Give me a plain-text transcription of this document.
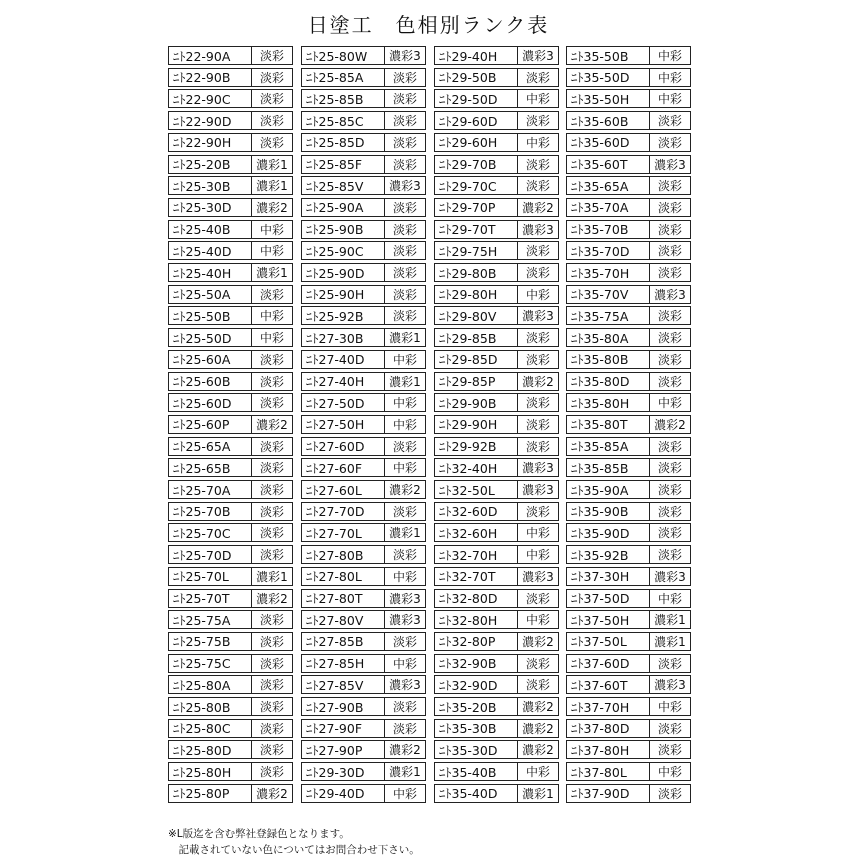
日塗工　色相別ランク表
ﾆﾄ22-90A	淡彩
ﾆﾄ22-90B	淡彩
ﾆﾄ22-90C	淡彩
ﾆﾄ22-90D	淡彩
ﾆﾄ22-90H	淡彩
ﾆﾄ25-20B	濃彩1
ﾆﾄ25-30B	濃彩1
ﾆﾄ25-30D	濃彩2
ﾆﾄ25-40B	中彩
ﾆﾄ25-40D	中彩
ﾆﾄ25-40H	濃彩1
ﾆﾄ25-50A	淡彩
ﾆﾄ25-50B	中彩
ﾆﾄ25-50D	中彩
ﾆﾄ25-60A	淡彩
ﾆﾄ25-60B	淡彩
ﾆﾄ25-60D	淡彩
ﾆﾄ25-60P	濃彩2
ﾆﾄ25-65A	淡彩
ﾆﾄ25-65B	淡彩
ﾆﾄ25-70A	淡彩
ﾆﾄ25-70B	淡彩
ﾆﾄ25-70C	淡彩
ﾆﾄ25-70D	淡彩
ﾆﾄ25-70L	濃彩1
ﾆﾄ25-70T	濃彩2
ﾆﾄ25-75A	淡彩
ﾆﾄ25-75B	淡彩
ﾆﾄ25-75C	淡彩
ﾆﾄ25-80A	淡彩
ﾆﾄ25-80B	淡彩
ﾆﾄ25-80C	淡彩
ﾆﾄ25-80D	淡彩
ﾆﾄ25-80H	淡彩
ﾆﾄ25-80P	濃彩2
ﾆﾄ25-80W	濃彩3
ﾆﾄ25-85A	淡彩
ﾆﾄ25-85B	淡彩
ﾆﾄ25-85C	淡彩
ﾆﾄ25-85D	淡彩
ﾆﾄ25-85F	淡彩
ﾆﾄ25-85V	濃彩3
ﾆﾄ25-90A	淡彩
ﾆﾄ25-90B	淡彩
ﾆﾄ25-90C	淡彩
ﾆﾄ25-90D	淡彩
ﾆﾄ25-90H	淡彩
ﾆﾄ25-92B	淡彩
ﾆﾄ27-30B	濃彩1
ﾆﾄ27-40D	中彩
ﾆﾄ27-40H	濃彩1
ﾆﾄ27-50D	中彩
ﾆﾄ27-50H	中彩
ﾆﾄ27-60D	淡彩
ﾆﾄ27-60F	中彩
ﾆﾄ27-60L	濃彩2
ﾆﾄ27-70D	淡彩
ﾆﾄ27-70L	濃彩1
ﾆﾄ27-80B	淡彩
ﾆﾄ27-80L	中彩
ﾆﾄ27-80T	濃彩3
ﾆﾄ27-80V	濃彩3
ﾆﾄ27-85B	淡彩
ﾆﾄ27-85H	中彩
ﾆﾄ27-85V	濃彩3
ﾆﾄ27-90B	淡彩
ﾆﾄ27-90F	淡彩
ﾆﾄ27-90P	濃彩2
ﾆﾄ29-30D	濃彩1
ﾆﾄ29-40D	中彩
ﾆﾄ29-40H	濃彩3
ﾆﾄ29-50B	淡彩
ﾆﾄ29-50D	中彩
ﾆﾄ29-60D	淡彩
ﾆﾄ29-60H	中彩
ﾆﾄ29-70B	淡彩
ﾆﾄ29-70C	淡彩
ﾆﾄ29-70P	濃彩2
ﾆﾄ29-70T	濃彩3
ﾆﾄ29-75H	淡彩
ﾆﾄ29-80B	淡彩
ﾆﾄ29-80H	中彩
ﾆﾄ29-80V	濃彩3
ﾆﾄ29-85B	淡彩
ﾆﾄ29-85D	淡彩
ﾆﾄ29-85P	濃彩2
ﾆﾄ29-90B	淡彩
ﾆﾄ29-90H	淡彩
ﾆﾄ29-92B	淡彩
ﾆﾄ32-40H	濃彩3
ﾆﾄ32-50L	濃彩3
ﾆﾄ32-60D	淡彩
ﾆﾄ32-60H	中彩
ﾆﾄ32-70H	中彩
ﾆﾄ32-70T	濃彩3
ﾆﾄ32-80D	淡彩
ﾆﾄ32-80H	中彩
ﾆﾄ32-80P	濃彩2
ﾆﾄ32-90B	淡彩
ﾆﾄ32-90D	淡彩
ﾆﾄ35-20B	濃彩2
ﾆﾄ35-30B	濃彩2
ﾆﾄ35-30D	濃彩2
ﾆﾄ35-40B	中彩
ﾆﾄ35-40D	濃彩1
ﾆﾄ35-50B	中彩
ﾆﾄ35-50D	中彩
ﾆﾄ35-50H	中彩
ﾆﾄ35-60B	淡彩
ﾆﾄ35-60D	淡彩
ﾆﾄ35-60T	濃彩3
ﾆﾄ35-65A	淡彩
ﾆﾄ35-70A	淡彩
ﾆﾄ35-70B	淡彩
ﾆﾄ35-70D	淡彩
ﾆﾄ35-70H	淡彩
ﾆﾄ35-70V	濃彩3
ﾆﾄ35-75A	淡彩
ﾆﾄ35-80A	淡彩
ﾆﾄ35-80B	淡彩
ﾆﾄ35-80D	淡彩
ﾆﾄ35-80H	中彩
ﾆﾄ35-80T	濃彩2
ﾆﾄ35-85A	淡彩
ﾆﾄ35-85B	淡彩
ﾆﾄ35-90A	淡彩
ﾆﾄ35-90B	淡彩
ﾆﾄ35-90D	淡彩
ﾆﾄ35-92B	淡彩
ﾆﾄ37-30H	濃彩3
ﾆﾄ37-50D	中彩
ﾆﾄ37-50H	濃彩1
ﾆﾄ37-50L	濃彩1
ﾆﾄ37-60D	淡彩
ﾆﾄ37-60T	濃彩3
ﾆﾄ37-70H	中彩
ﾆﾄ37-80D	淡彩
ﾆﾄ37-80H	淡彩
ﾆﾄ37-80L	中彩
ﾆﾄ37-90D	淡彩
※L版迄を含む弊社登録色となります。
　記載されていない色についてはお問合わせ下さい。
